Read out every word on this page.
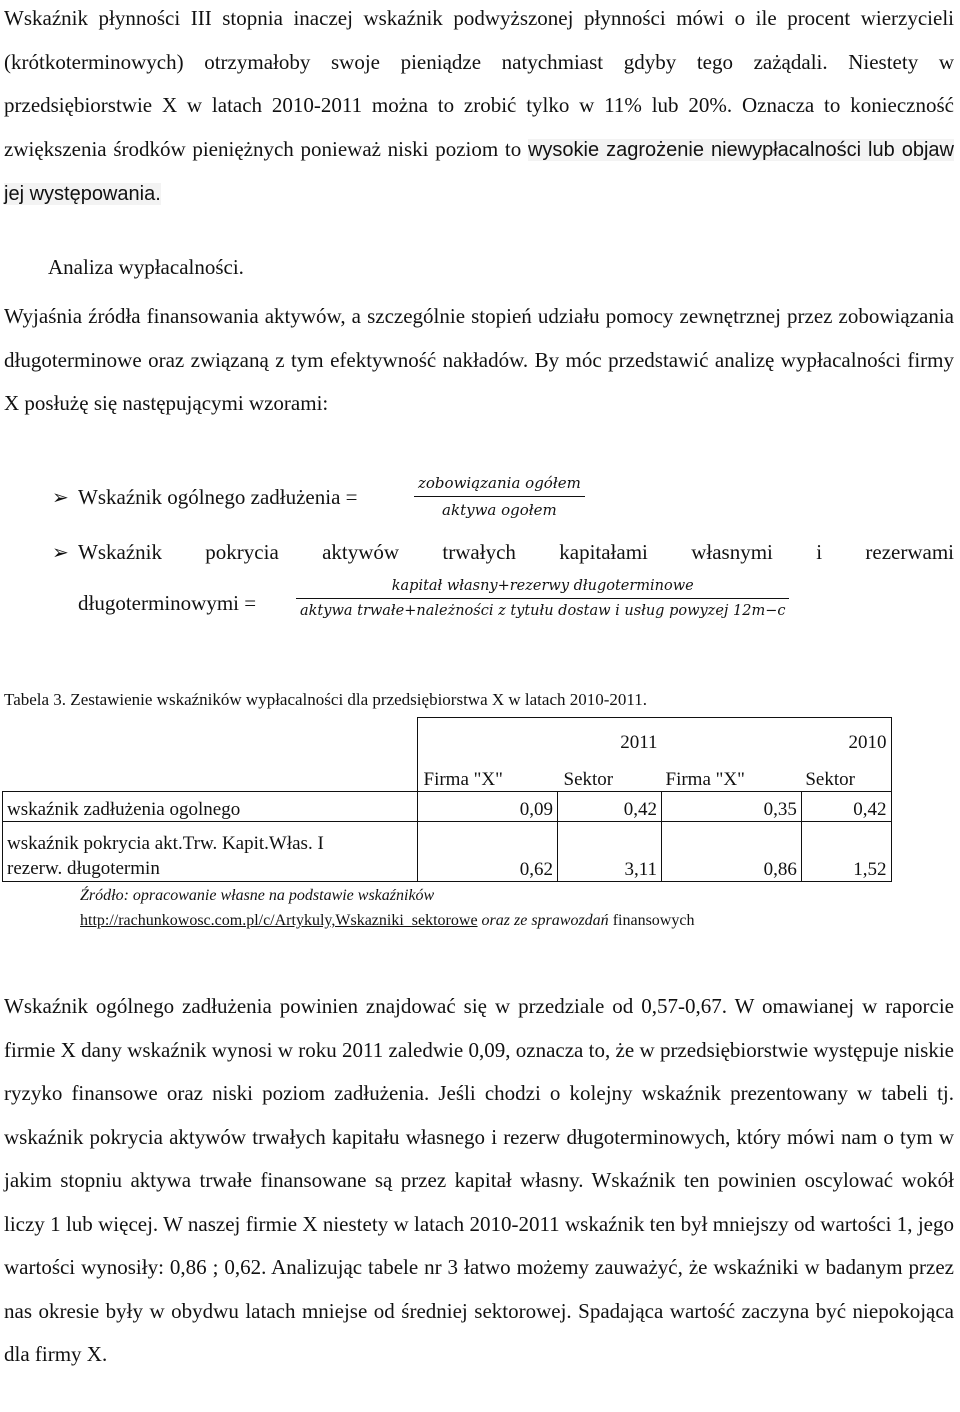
Wskaźnik płynności III stopnia inaczej wskaźnik podwyższonej płynności mówi o ile procent wierzycieli (krótkoterminowych) otrzymałoby swoje pieniądze natychmiast gdyby tego zażądali. Niestety w przedsiębiorstwie X w latach 2010-2011 można to zrobić tylko w 11% lub 20%. Oznacza to konieczność zwiększenia środków pieniężnych ponieważ niski poziom to wysokie zagrożenie niewypłacalności lub objaw jej występowania.
Analiza wypłacalności.
Wyjaśnia źródła finansowania aktywów, a szczególnie stopień udziału pomocy zewnętrznej przez zobowiązania długoterminowe oraz związaną z tym efektywność nakładów. By móc przedstawić analizę wypłacalności firmy X posłużę się następującymi wzorami:
➢ Wskaźnik ogólnego zadłużenia =
zobowiązania ogółem
aktywa ogołem
➢ Wskaźnik pokrycia aktywów trwałych kapitałami własnymi i rezerwami
długoterminowymi =
kapitał własny+rezerwy długoterminowe
aktywa trwałe+należności z tytułu dostaw i usług powyzej 12m−c
Tabela 3. Zestawienie wskaźników wypłacalności dla przedsiębiorstwa X w latach 2010-2011.
	2011		2010	
	Firma "X"	Sektor	Firma "X"	Sektor
wskaźnik zadłużenia ogolnego	0,09	0,42	0,35	0,42
wskaźnik pokrycia akt.Trw. Kapit.Włas. I
rezerw. długotermin	0,62	3,11	0,86	1,52
Źródło: opracowanie własne na podstawie wskaźników
http://rachunkowosc.com.pl/c/Artykuly,Wskazniki_sektorowe oraz ze sprawozdań finansowych
Wskaźnik ogólnego zadłużenia powinien znajdować się w przedziale od 0,57-0,67. W omawianej w raporcie firmie X dany wskaźnik wynosi w roku 2011 zaledwie 0,09, oznacza to, że w przedsiębiorstwie występuje niskie ryzyko finansowe oraz niski poziom zadłużenia. Jeśli chodzi o kolejny wskaźnik prezentowany w tabeli tj. wskaźnik pokrycia aktywów trwałych kapitału własnego i rezerw długoterminowych, który mówi nam o tym w jakim stopniu aktywa trwałe finansowane są przez kapitał własny. Wskaźnik ten powinien oscylować wokół liczy 1 lub więcej. W naszej firmie X niestety w latach 2010-2011 wskaźnik ten był mniejszy od wartości 1, jego wartości wynosiły: 0,86 ; 0,62. Analizując tabele nr 3 łatwo możemy zauważyć, że wskaźniki w badanym przez nas okresie były w obydwu latach mniejse od średniej sektorowej. Spadająca wartość zaczyna być niepokojąca dla firmy X.
